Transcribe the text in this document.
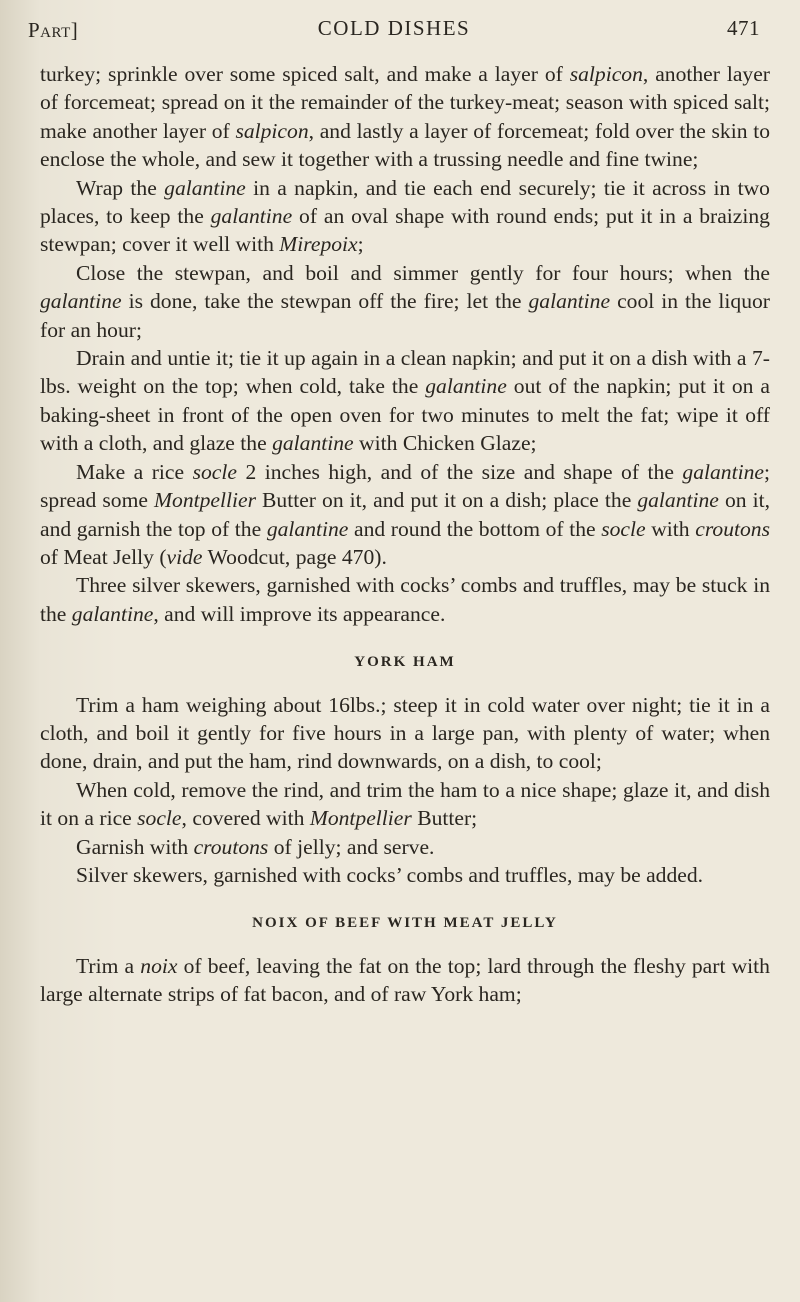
Part]	COLD DISHES	471

turkey; sprinkle over some spiced salt, and make a layer of salpicon, another layer of forcemeat; spread on it the remainder of the turkey-meat; season with spiced salt; make another layer of salpicon, and lastly a layer of forcemeat; fold over the skin to enclose the whole, and sew it together with a trussing needle and fine twine;

Wrap the galantine in a napkin, and tie each end securely; tie it across in two places, to keep the galantine of an oval shape with round ends; put it in a braizing stewpan; cover it well with Mirepoix;

Close the stewpan, and boil and simmer gently for four hours; when the galantine is done, take the stewpan off the fire; let the galantine cool in the liquor for an hour;

Drain and untie it; tie it up again in a clean napkin; and put it on a dish with a 7-lbs. weight on the top; when cold, take the galantine out of the napkin; put it on a baking-sheet in front of the open oven for two minutes to melt the fat; wipe it off with a cloth, and glaze the galantine with Chicken Glaze;

Make a rice socle 2 inches high, and of the size and shape of the galantine; spread some Montpellier Butter on it, and put it on a dish; place the galantine on it, and garnish the top of the galantine and round the bottom of the socle with croutons of Meat Jelly (vide Woodcut, page 470).

Three silver skewers, garnished with cocks’ combs and truffles, may be stuck in the galantine, and will improve its appearance.

YORK HAM

Trim a ham weighing about 16lbs.; steep it in cold water over night; tie it in a cloth, and boil it gently for five hours in a large pan, with plenty of water; when done, drain, and put the ham, rind downwards, on a dish, to cool;

When cold, remove the rind, and trim the ham to a nice shape; glaze it, and dish it on a rice socle, covered with Montpellier Butter;

Garnish with croutons of jelly; and serve.

Silver skewers, garnished with cocks’ combs and truffles, may be added.

NOIX OF BEEF WITH MEAT JELLY

Trim a noix of beef, leaving the fat on the top; lard through the fleshy part with large alternate strips of fat bacon, and of raw York ham;
